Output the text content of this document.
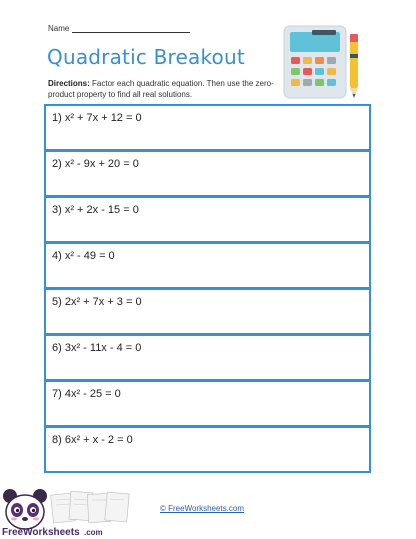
Name
Quadratic Breakout
Directions: Factor each quadratic equation. Then use the zero-product property to find all real solutions.
1) x² + 7x + 12 = 0
2) x² - 9x + 20 = 0
3) x² + 2x - 15 = 0
4) x² - 49 = 0
5) 2x² + 7x + 3 = 0
6) 3x² - 11x - 4 = 0
7) 4x² - 25 = 0
8) 6x² + x - 2 = 0
FreeWorksheets .com
© FreeWorksheets.com
